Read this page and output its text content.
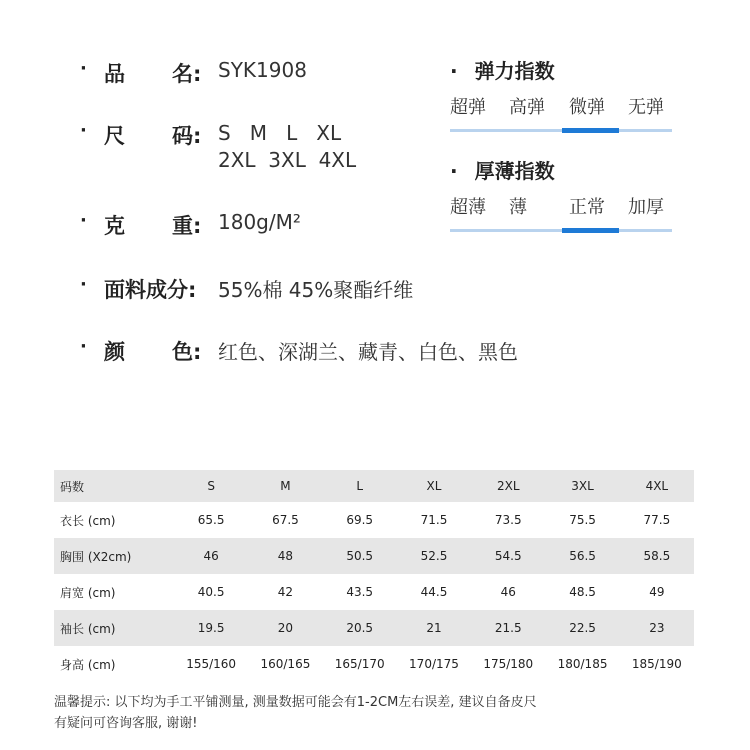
· 品 名: SYK1908
· 尺 码: S   M   L   XL
2XL  3XL  4XL
· 克 重: 180g/M²
· 面料成分:	55%棉 45%聚酯纤维
· 颜 色: 红色、深湖兰、藏青、白色、黑色
· 弹力指数
超弹 高弹 微弹 无弹
· 厚薄指数
超薄 薄 正常 加厚
码数	S	M	L	XL	2XL	3XL	4XL
衣长 (cm)	65.5	67.5	69.5	71.5	73.5	75.5	77.5
胸围 (X2cm)	46	48	50.5	52.5	54.5	56.5	58.5
肩宽 (cm)	40.5	42	43.5	44.5	46	48.5	49
袖长 (cm)	19.5	20	20.5	21	21.5	22.5	23
身高 (cm)	155/160	160/165	165/170	170/175	175/180	180/185	185/190
温馨提示: 以下均为手工平铺测量, 测量数据可能会有1-2CM左右误差, 建议自备皮尺
有疑问可咨询客服, 谢谢!
